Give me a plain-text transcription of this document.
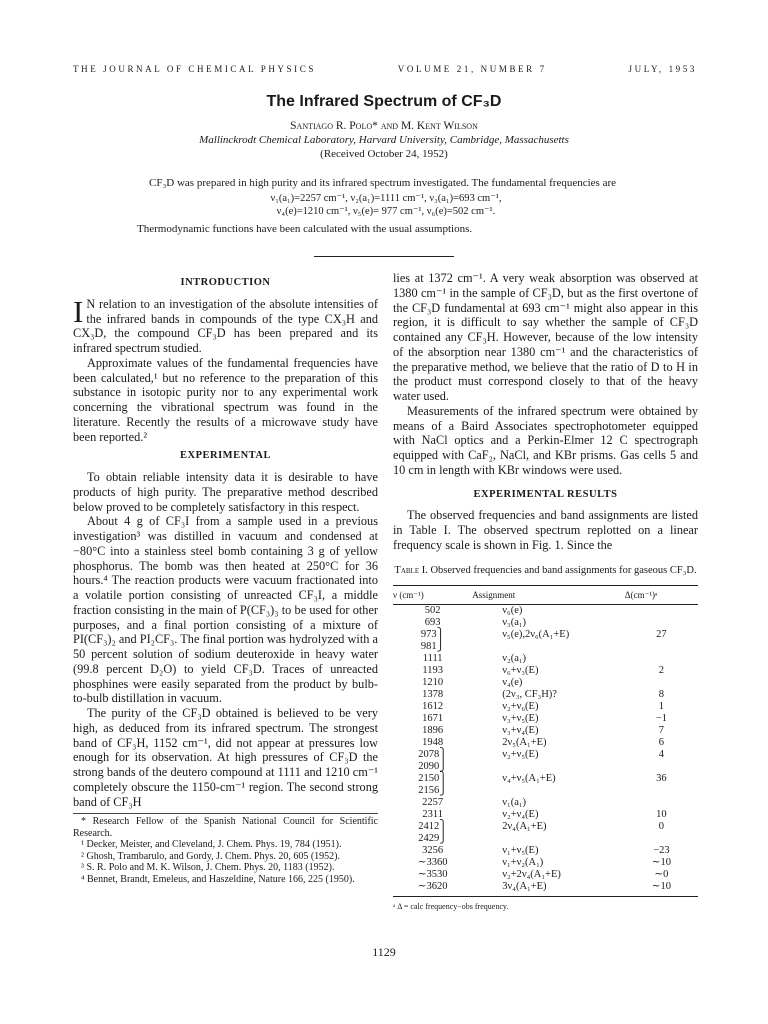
THE JOURNAL OF CHEMICAL PHYSICS	VOLUME 21, NUMBER 7	JULY, 1953
The Infrared Spectrum of CF₃D
Santiago R. Polo* and M. Kent Wilson
Mallinckrodt Chemical Laboratory, Harvard University, Cambridge, Massachusetts
(Received October 24, 1952)
CF₃D was prepared in high purity and its infrared spectrum investigated. The fundamental frequencies are
ν₁(a₁)=2257 cm⁻¹, ν₂(a₁)=1111 cm⁻¹, ν₃(a₁)=693 cm⁻¹,
ν₄(e)=1210 cm⁻¹, ν₅(e)= 977 cm⁻¹, ν₆(e)=502 cm⁻¹.
Thermodynamic functions have been calculated with the usual assumptions.
INTRODUCTION

I N relation to an investigation of the absolute intensities of the infrared bands in compounds of the type CX₃H and CX₃D, the compound CF₃D has been prepared and its infrared spectrum studied.

Approximate values of the fundamental frequencies have been calculated,¹ but no reference to the preparation of this substance in isotopic purity nor to any experimental work concerning the vibrational spectrum was found in the literature. Recently the results of a microwave study have been reported.²

EXPERIMENTAL

To obtain reliable intensity data it is desirable to have products of high purity. The preparative method described below proved to be completely satisfactory in this respect.

About 4 g of CF₃I from a sample used in a previous investigation³ was distilled in vacuum and condensed at −80°C into a stainless steel bomb containing 3 g of yellow phosphorus. The bomb was then heated at 250°C for 36 hours.⁴ The reaction products were vacuum fractionated into a volatile portion consisting of unreacted CF₃I, a middle fraction consisting in the main of P(CF₃)₃ to be used for other purposes, and a final portion consisting of a mixture of PI(CF₃)₂ and PI₂CF₃. The final portion was hydrolyzed with a 50 percent solution of sodium deuteroxide in heavy water (99.8 percent D₂O) to yield CF₃D. Traces of unreacted phosphines were easily separated from the product by bulb-to-bulb distillation in vacuum.

The purity of the CF₃D obtained is believed to be very high, as deduced from its infrared spectrum. The strongest band of CF₃H, 1152 cm⁻¹, did not appear at pressures low enough for its observation. At high pressures of CF₃D the strong bands of the deutero compound at 1111 and 1210 cm⁻¹ completely obscure the 1150-cm⁻¹ region. The second strong band of CF₃H

* Research Fellow of the Spanish National Council for Scientific Research.

¹ Decker, Meister, and Cleveland, J. Chem. Phys. 19, 784 (1951).

² Ghosh, Trambarulo, and Gordy, J. Chem. Phys. 20, 605 (1952).

³ S. R. Polo and M. K. Wilson, J. Chem. Phys. 20, 1183 (1952).

⁴ Bennet, Brandt, Emeleus, and Haszeldine, Nature 166, 225 (1950).

lies at 1372 cm⁻¹. A very weak absorption was observed at 1380 cm⁻¹ in the sample of CF₃D, but as the first overtone of the CF₃D fundamental at 693 cm⁻¹ might also appear in this region, it is difficult to say whether the sample of CF₃D contained any CF₃H. However, because of the low intensity of the absorption near 1380 cm⁻¹ and the characteristics of the preparative method, we believe that the ratio of D to H in the product must correspond closely to that of the heavy water used.

Measurements of the infrared spectrum were obtained by means of a Baird Associates spectrophotometer equipped with NaCl optics and a Perkin-Elmer 12 C spectrograph equipped with CaF₂, NaCl, and KBr prisms. Gas cells 5 and 10 cm in length with KBr windows were used.

EXPERIMENTAL RESULTS

The observed frequencies and band assignments are listed in Table I. The observed spectrum replotted on a linear frequency scale is shown in Fig. 1. Since the

Table I. Observed frequencies and band assignments for gaseous CF₃D.
ν (cm⁻¹)	Assignment	Δ(cm⁻¹)ᵃ
502	ν₆(e)	
693	ν₃(a₁)	
973⎫
981⎭	ν₅(e),2ν₆(A₁+E)	27
1111	ν₂(a₁)	
1193	ν₆+ν₃(E)	2
1210	ν₄(e)	
1378	(2ν₃, CF₃H)?	8
1612	ν₂+ν₆(E)	1
1671	ν₃+ν₅(E)	−1
1896	ν₃+ν₄(E)	7
1948	2ν₅(A₁+E)	6
2078⎫
2090⎭	ν₂+ν₅(E)	4
2150⎫
2156⎭	ν₄+ν₅(A₁+E)	36
2257	ν₁(a₁)	
2311	ν₂+ν₄(E)	10
2412⎫
2429⎭	2ν₄(A₁+E)	0
3256	ν₁+ν₅(E)	−23
∼3360	ν₁+ν₂(A₁)	∼10
∼3530	ν₂+2ν₄(A₁+E)	∼0
∼3620	3ν₄(A₁+E)	∼10
ᵃ Δ = calc frequency−obs frequency.
1129
